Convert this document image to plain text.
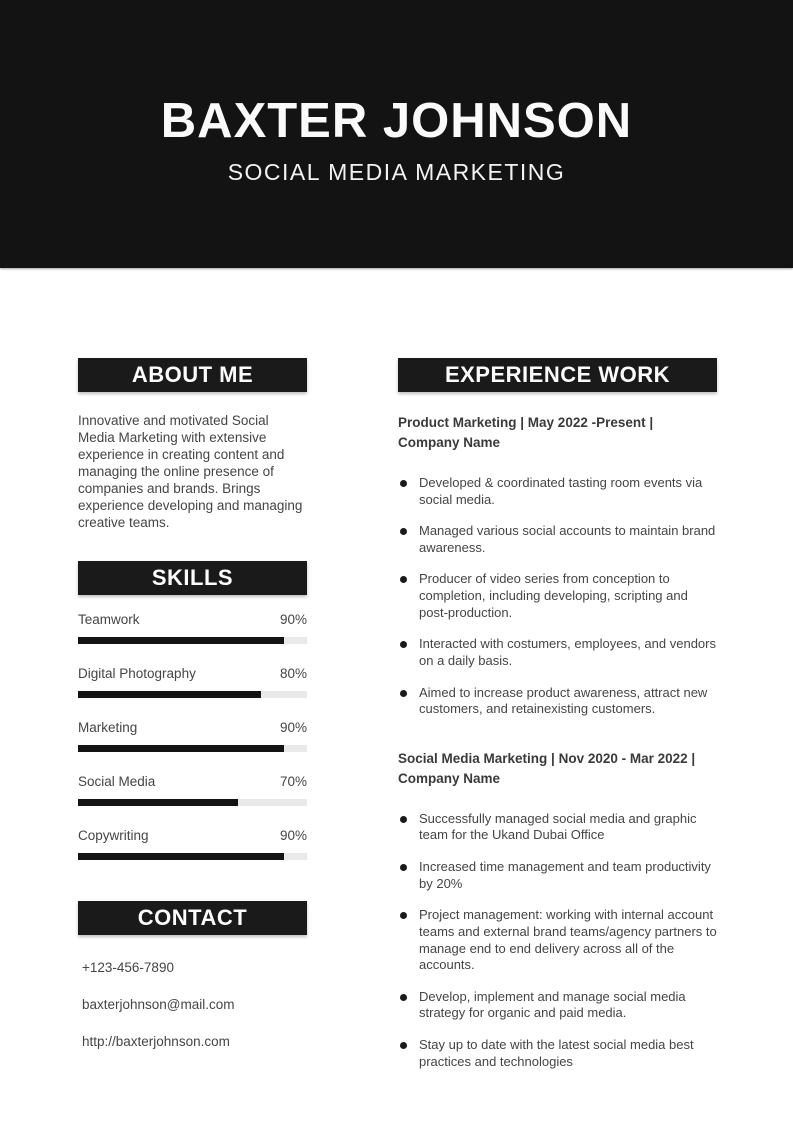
BAXTER JOHNSON
SOCIAL MEDIA MARKETING
ABOUT ME

Innovative and motivated Social Media Marketing with extensive experience in creating content and managing the online presence of companies and brands. Brings experience developing and managing creative teams.

SKILLS
Teamwork	90%
Digital Photography	80%
Marketing	90%
Social Media	70%
Copywriting	90%
CONTACT
+123-456-7890
baxterjohnson@mail.com
http://baxterjohnson.com
EXPERIENCE WORK
Product Marketing | May 2022 -Present |
Company Name
Developed & coordinated tasting room events via social media.
Managed various social accounts to maintain brand awareness.
Producer of video series from conception to completion, including developing, scripting and post-production.
Interacted with costumers, employees, and vendors on a daily basis.
Aimed to increase product awareness, attract new customers, and retainexisting customers.
Social Media Marketing | Nov 2020 - Mar 2022 |
Company Name
Successfully managed social media and graphic team for the Ukand Dubai Office
Increased time management and team productivity by 20%
Project management: working with internal account teams and external brand teams/agency partners to manage end to end delivery across all of the accounts.
Develop, implement and manage social media strategy for organic and paid media.
Stay up to date with the latest social media best practices and technologies
